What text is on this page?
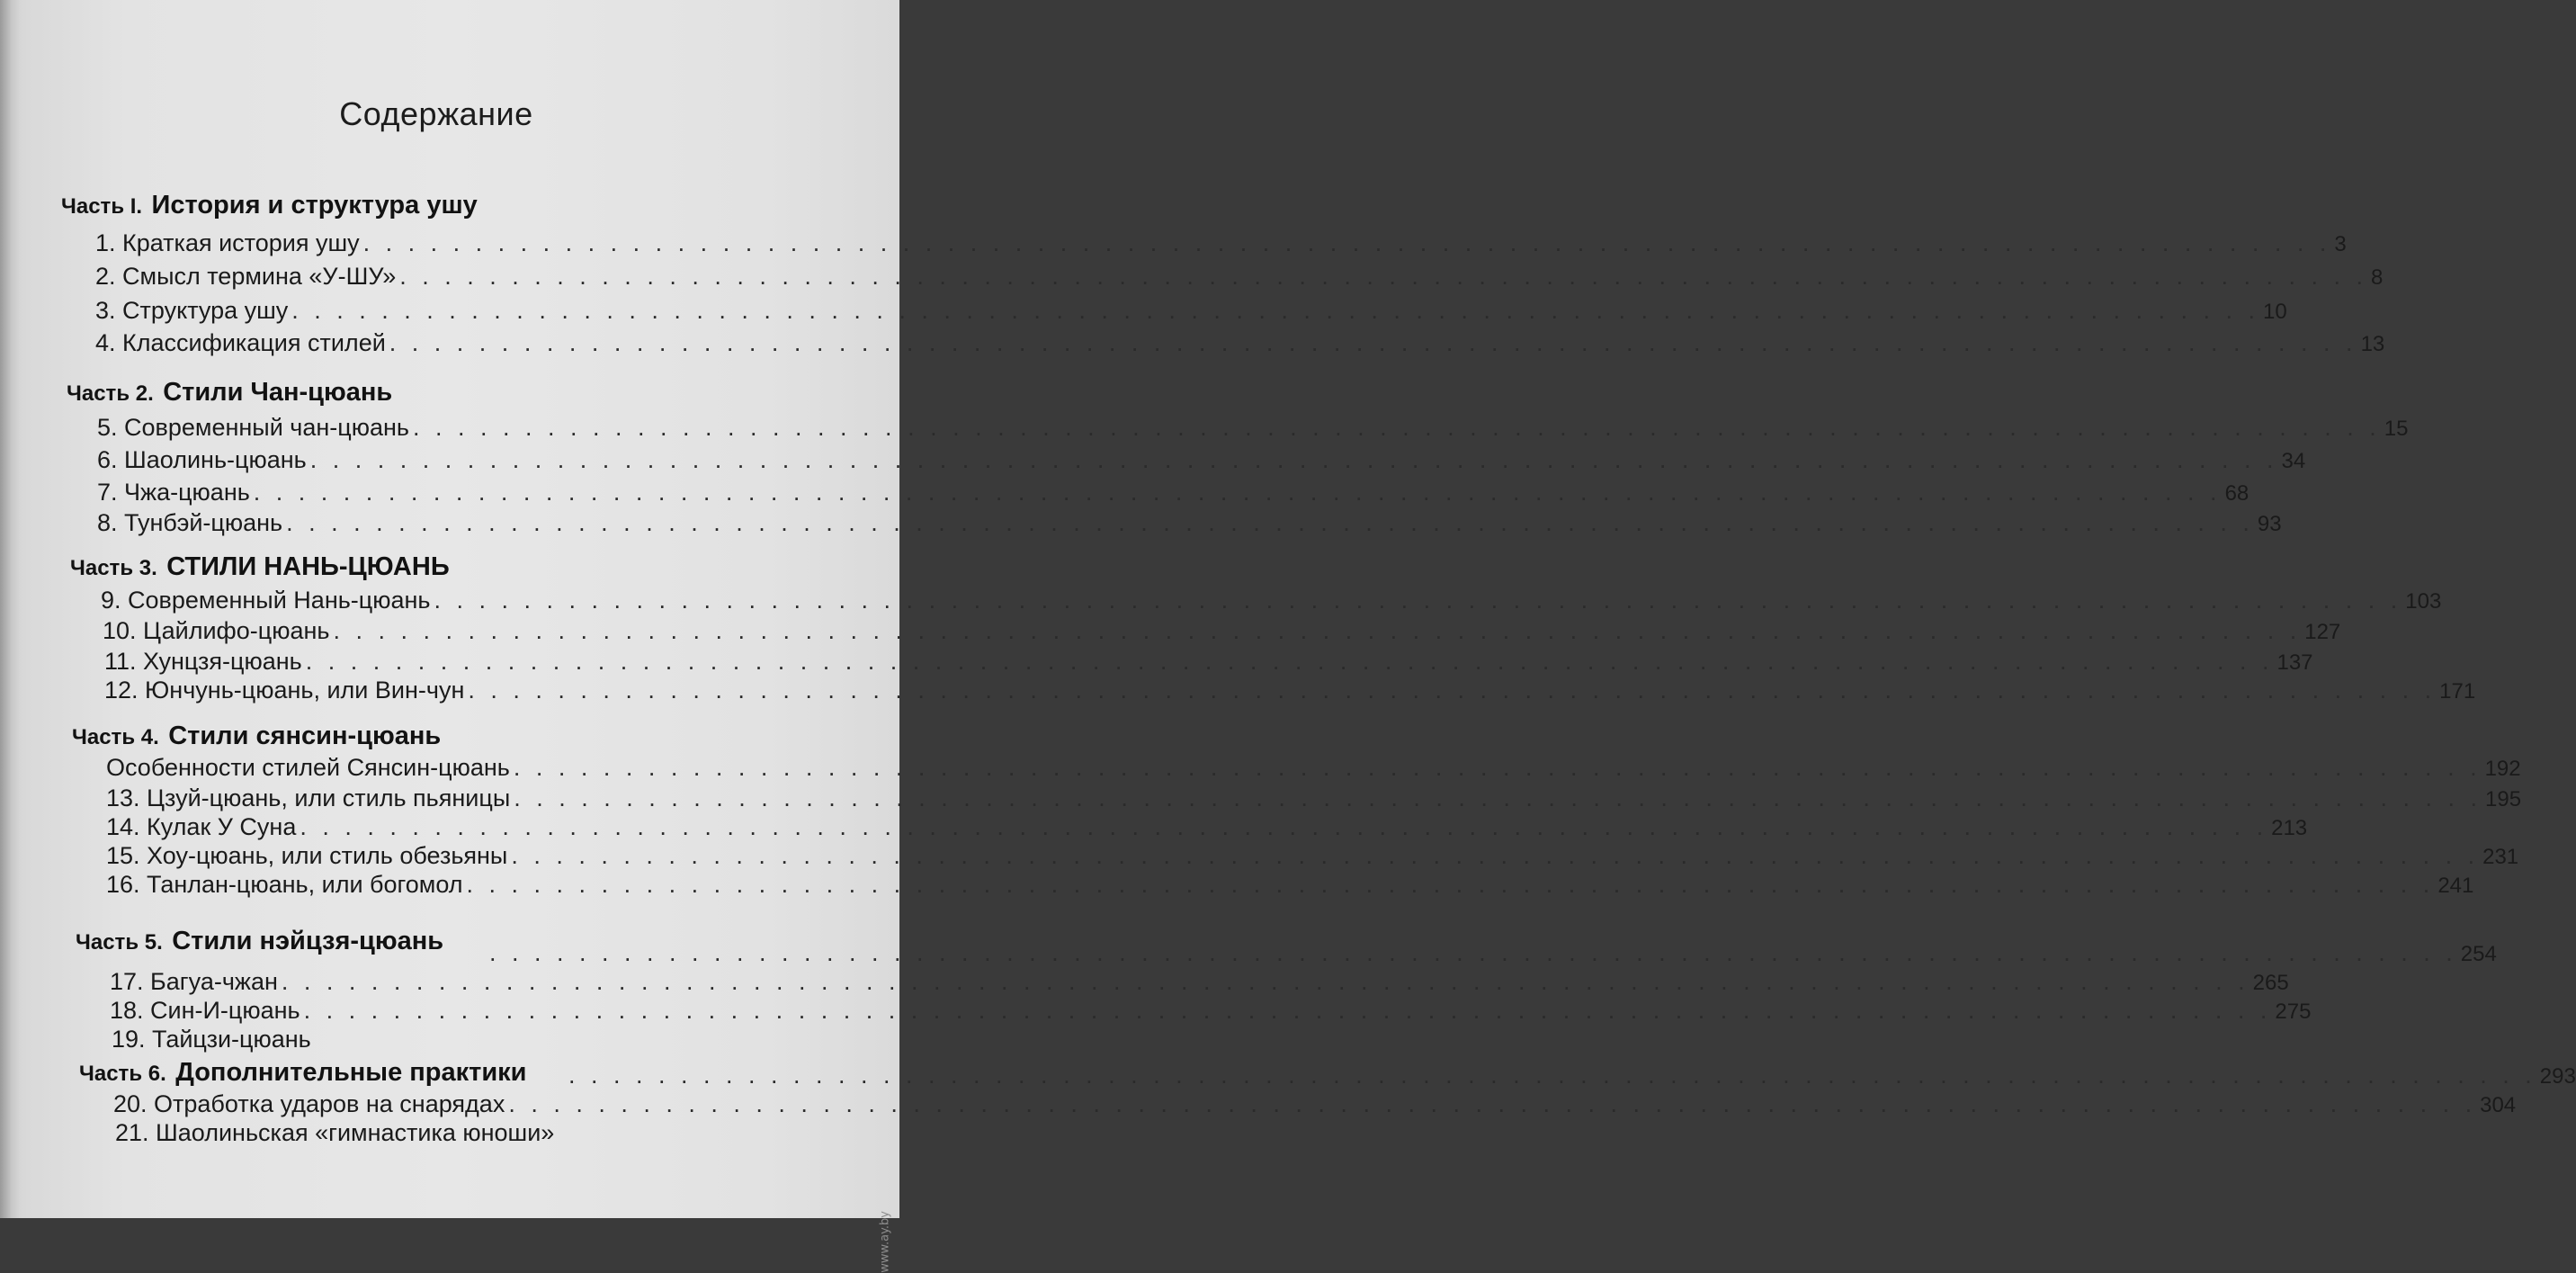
Содержание
Часть I. История и структура ушу
1. Краткая история ушу . . .	3
2. Смысл термина «У-ШУ» . . .	8
3. Структура ушу . . .	10
4. Классификация стилей . . .	13
Часть 2. Стили Чан-цюань
5. Современный чан-цюань . . .	15
6. Шаолинь-цюань . . .	34
7. Чжа-цюань . . .	68
8. Тунбэй-цюань . . .	93
Часть 3. СТИЛИ НАНЬ-ЦЮАНЬ
9. Современный Нань-цюань . . .	103
10. Цайлифо-цюань . . .	127
11. Хунцзя-цюань . . .	137
12. Юнчунь-цюань, или Вин-чун . . .	171
Часть 4. Стили сянсин-цюань
Особенности стилей Сянсин-цюань . . .	192
13. Цзуй-цюань, или стиль пьяницы . . .	195
14. Кулак У Суна . . .	213
15. Хоу-цюань, или стиль обезьяны . . .	231
16. Танлан-цюань, или богомол . . .	241
Часть 5. Стили нэйцзя-цюань . . .	254
17. Багуа-чжан . . .	265
18. Син-И-цюань . . .	275
19. Тайцзи-цюань
Часть 6. Дополнительные практики . . .	293
20. Отработка ударов на снарядах . . .	304
21. Шаолиньская «гимнастика юноши»
www.ay.by
